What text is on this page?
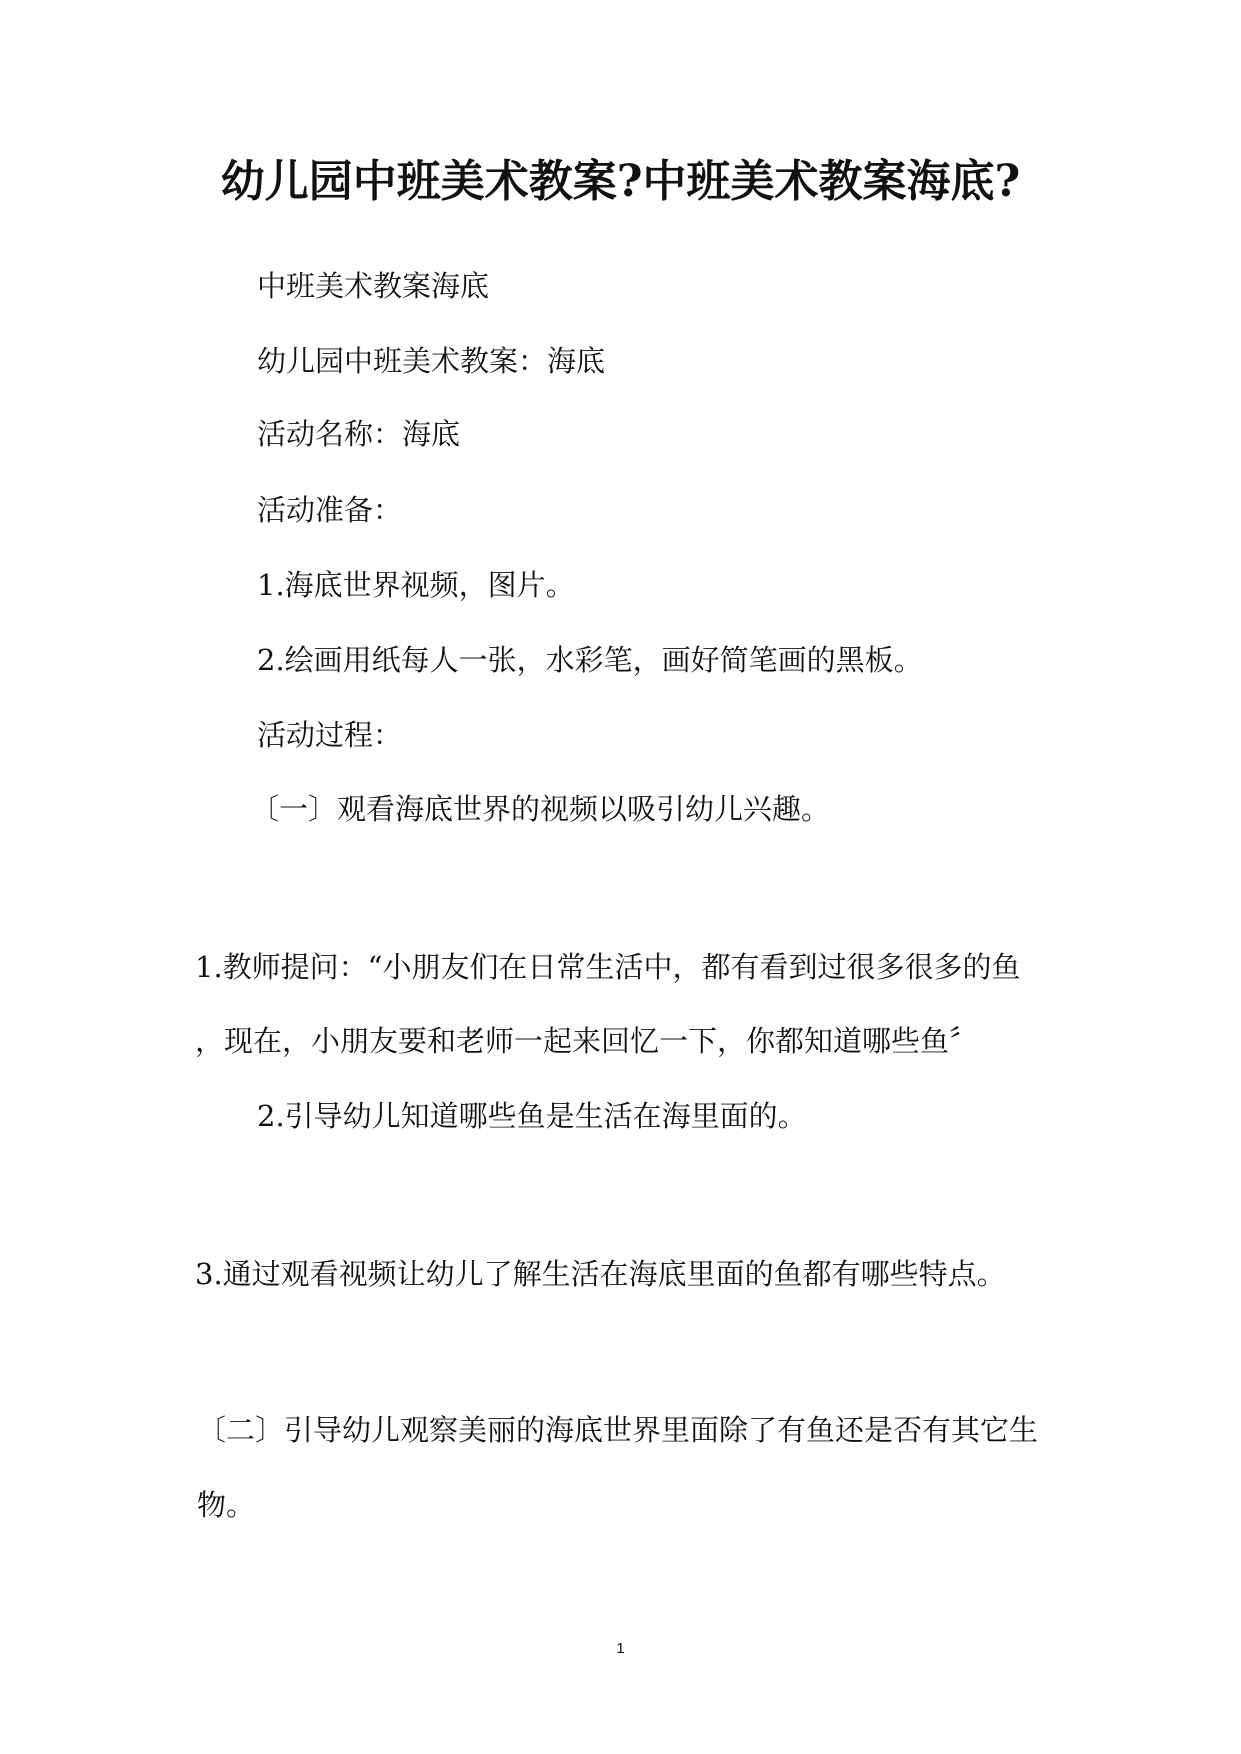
幼儿园中班美术教案?中班美术教案海底?
中班美术教案海底
幼儿园中班美术教案：海底
活动名称：海底
活动准备：
1.海底世界视频，图片。
2.绘画用纸每人一张，水彩笔，画好简笔画的黑板。
活动过程：
〔一〕观看海底世界的视频以吸引幼儿兴趣。
1.教师提问：“小朋友们在日常生活中，都有看到过很多很多的鱼
，现在，小朋友要和老师一起来回忆一下，你都知道哪些鱼〞
2.引导幼儿知道哪些鱼是生活在海里面的。
3.通过观看视频让幼儿了解生活在海底里面的鱼都有哪些特点。
〔二〕引导幼儿观察美丽的海底世界里面除了有鱼还是否有其它生
物。
1
